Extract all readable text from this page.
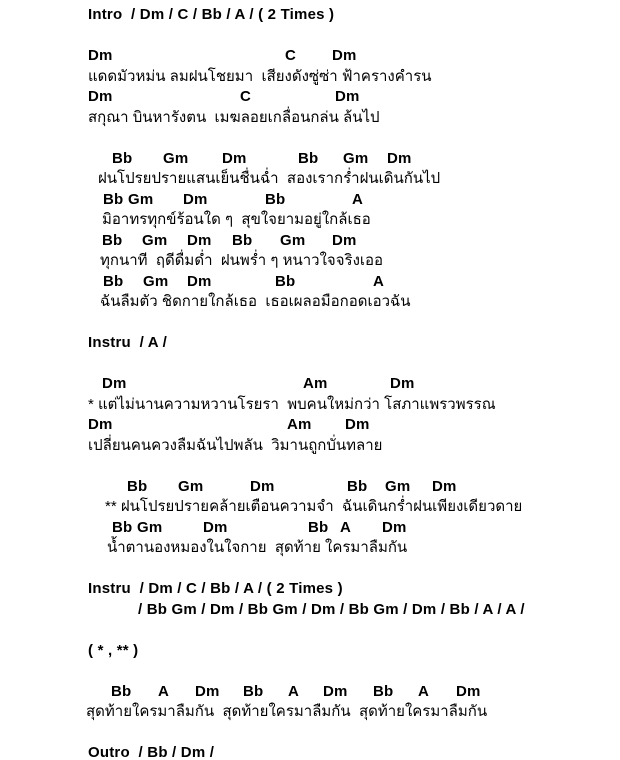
Intro  / Dm / C / Bb / A / ( 2 Times )
Dm	C Dm
แดดมัวหม่น ลมฝนโชยมา  เสียงดังซู่ซ่า ฟ้าครางคำรน
Dm	C	Dm
สกุณา บินหารังตน  เมฆลอยเกลื่อนกล่น ล้นไป
Bb Gm Dm	Bb Gm Dm
ฝนโปรยปรายแสนเย็นชื่นฉ่ำ  สองเรากร่ำฝนเดินกันไป
Bb Gm Dm	Bb	A
มิอาทรทุกข์ร้อนใด ๆ  สุขใจยามอยู่ใกล้เธอ
Bb Gm Dm Bb Gm Dm
ทุกนาที  ฤดีดื่มด่ำ  ฝนพร่ำ ๆ หนาวใจจริงเออ
Bb Gm Dm	Bb	A
ฉันลืมตัว ชิดกายใกล้เธอ  เธอเผลอมือกอดเอวฉัน
Instru  / A /
Dm	Am	Dm
* แต่ไม่นานความหวานโรยรา  พบคนใหม่กว่า โสภาแพรวพรรณ
Dm	Am Dm
เปลี่ยนคนควงลืมฉันไปพลัน  วิมานถูกบั่นทลาย
Bb Gm	Dm	Bb Gm Dm
** ฝนโปรยปรายคล้ายเตือนความจำ  ฉันเดินกร่ำฝนเพียงเดียวดาย
Bb Gm	Dm	Bb A Dm
น้ำตานองหมองในใจกาย  สุดท้าย ใครมาลืมกัน
Instru  / Dm / C / Bb / A / ( 2 Times )
/ Bb Gm / Dm / Bb Gm / Dm / Bb Gm / Dm / Bb / A / A /
( * , ** )
Bb A Dm Bb A Dm Bb A Dm
สุดท้ายใครมาลืมกัน  สุดท้ายใครมาลืมกัน  สุดท้ายใครมาลืมกัน
Outro  / Bb / Dm /
